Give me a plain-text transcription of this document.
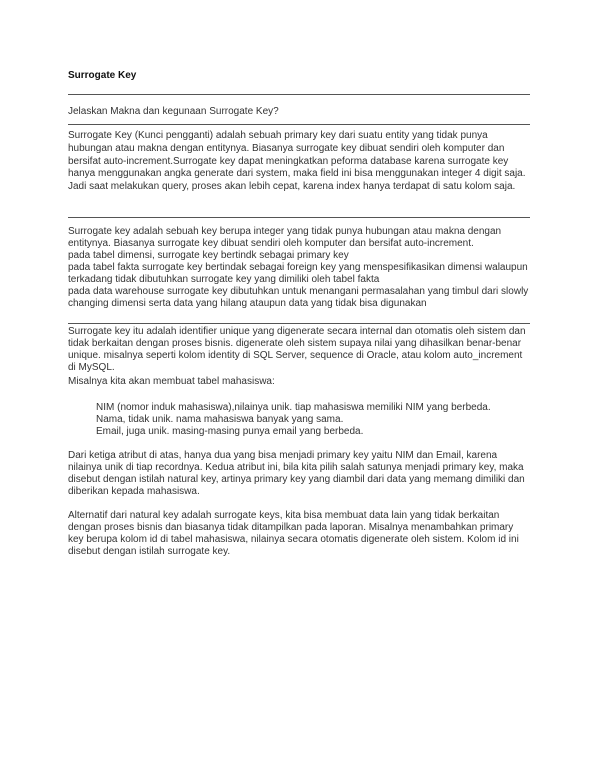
Surrogate Key
Jelaskan Makna dan kegunaan Surrogate Key?
Surrogate Key (Kunci pengganti) adalah sebuah primary key dari suatu entity yang tidak punya hubungan atau makna dengan entitynya. Biasanya surrogate key dibuat sendiri oleh komputer dan bersifat auto-increment.Surrogate key dapat meningkatkan peforma database karena surrogate key hanya menggunakan angka generate dari system, maka field ini bisa menggunakan integer 4 digit saja. Jadi saat melakukan query, proses akan lebih cepat, karena index hanya terdapat di satu kolom saja.

Surrogate key adalah sebuah key berupa integer yang tidak punya hubungan atau makna dengan entitynya. Biasanya surrogate key dibuat sendiri oleh komputer dan bersifat auto-increment.

pada tabel dimensi, surrogate key bertindk sebagai primary key

pada tabel fakta surrogate key bertindak sebagai foreign key yang menspesifikasikan dimensi walaupun terkadang tidak dibutuhkan surrogate key yang dimiliki oleh tabel fakta

pada data warehouse surrogate key dibutuhkan untuk menangani permasalahan yang timbul dari slowly changing dimensi serta data yang hilang ataupun data yang tidak bisa digunakan

Surrogate key itu adalah identifier unique yang digenerate secara internal dan otomatis oleh sistem dan tidak berkaitan dengan proses bisnis. digenerate oleh sistem supaya nilai yang dihasilkan benar-benar unique. misalnya seperti kolom identity di SQL Server, sequence di Oracle, atau kolom auto_increment di MySQL.
Misalnya kita akan membuat tabel mahasiswa:

NIM (nomor induk mahasiswa),nilainya unik. tiap mahasiswa memiliki NIM yang berbeda.

Nama, tidak unik. nama mahasiswa banyak yang sama.

Email, juga unik. masing-masing punya email yang berbeda.

Dari ketiga atribut di atas, hanya dua yang bisa menjadi primary key yaitu NIM dan Email, karena nilainya unik di tiap recordnya. Kedua atribut ini, bila kita pilih salah satunya menjadi primary key, maka disebut dengan istilah natural key, artinya primary key yang diambil dari data yang memang dimiliki dan diberikan kepada mahasiswa.
Alternatif dari natural key adalah surrogate keys, kita bisa membuat data lain yang tidak berkaitan dengan proses bisnis dan biasanya tidak ditampilkan pada laporan. Misalnya menambahkan primary key berupa kolom id di tabel mahasiswa, nilainya secara otomatis digenerate oleh sistem. Kolom id ini disebut dengan istilah surrogate key.
